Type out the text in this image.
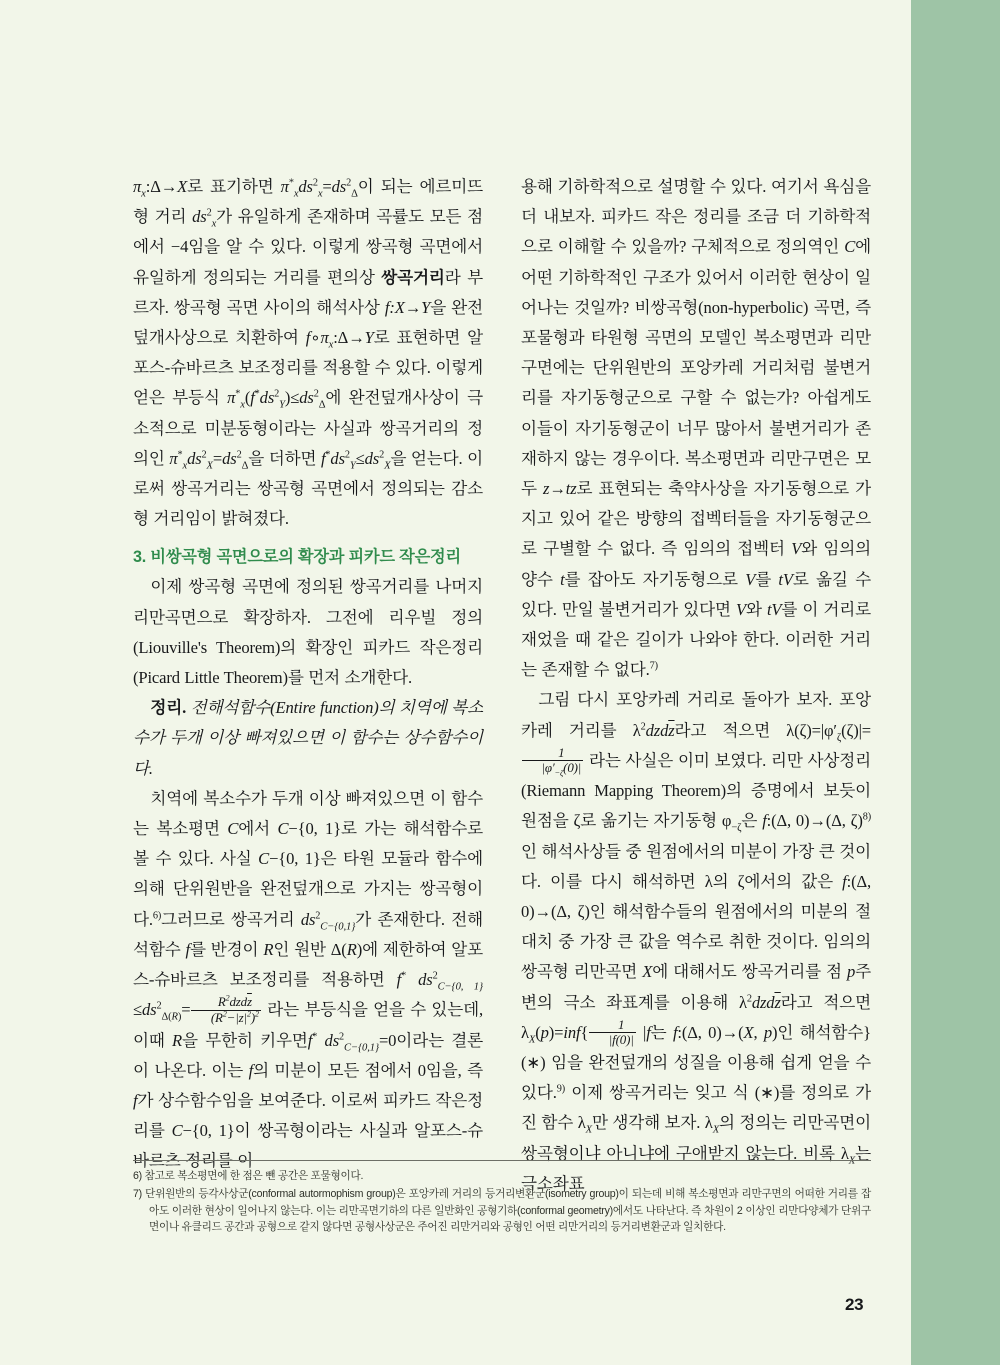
$\pi_x:\Delta\to X$로 표기하면 $\pi^*_xds^2_x=ds^2_\Delta$이 되는 에르미뜨형 거리 $ds^2_x$가 유일하게 존재하며 곡률도 모든 점에서 −4임을 알 수 있다. 이렇게 쌍곡형 곡면에서 유일하게 정의되는 거리를 편의상 쌍곡거리라 부르자. 쌍곡형 곡면 사이의 해석사상 f:X→Y을 완전덮개사상으로 치환하여 $f\circ\pi_x:\Delta\to Y$로 표현하면 알포스-슈바르츠 보조정리를 적용할 수 있다. 이렇게 얻은 부등식 $\pi^*_x(f^*ds^2_Y)\le ds^2_\Delta$에 완전덮개사상이 극소적으로 미분동형이라는 사실과 쌍곡거리의 정의인 $\pi^*_xds^2_X=ds^2_\Delta$을 더하면 $f^*ds^2_Y\le ds^2_X$을 얻는다. 이로써 쌍곡거리는 쌍곡형 곡면에서 정의되는 감소형 거리임이 밝혀졌다.

3. 비쌍곡형 곡면으로의 확장과 피카드 작은정리

이제 쌍곡형 곡면에 정의된 쌍곡거리를 나머지 리만곡면으로 확장하자. 그전에 리우빌 정의(Liouville's Theorem)의 확장인 피카드 작은정리(Picard Little Theorem)를 먼저 소개한다.

정리. 전해석함수(Entire function)의 치역에 복소수가 두개 이상 빠져있으면 이 함수는 상수함수이다.

치역에 복소수가 두개 이상 빠져있으면 이 함수는 복소평면 C에서 C−{0, 1}로 가는 해석함수로 볼 수 있다. 사실 C−{0, 1}은 타원 모듈라 함수에 의해 단위원반을 완전덮개으로 가지는 쌍곡형이다.$^{6)}$그러므로 쌍곡거리 $ds^2_{C-\{0,1\}}$가 존재한다. 전해석함수 f를 반경이 R인 원반 Δ(R)에 제한하여 알포스-슈바르츠 보조정리를 적용하면 f* $ds^2_{C-\{0, 1\}}\le ds^2_{\Delta(R)}= \frac{R^2dzd\overline{z}}{(R^2-|z|^2)^2}$ 라는 부등식을 얻을 수 있는데, 이때 R을 무한히 키우면f* $ds^2_{C-\{0,1\}}=0$이라는 결론이 나온다. 이는 f의 미분이 모든 점에서 0임을, 즉 f가 상수함수임을 보여준다. 이로써 피카드 작은정리를 C−{0, 1}이 쌍곡형이라는 사실과 알포스-슈바르츠 정리를 이

용해 기하학적으로 설명할 수 있다. 여기서 욕심을 더 내보자. 피카드 작은 정리를 조금 더 기하학적으로 이해할 수 있을까? 구체적으로 정의역인 C에 어떤 기하학적인 구조가 있어서 이러한 현상이 일어나는 것일까? 비쌍곡형(non-hyperbolic) 곡면, 즉 포물형과 타원형 곡면의 모델인 복소평면과 리만구면에는 단위원반의 포앙카레 거리처럼 불변거리를 자기동형군으로 구할 수 없는가? 아쉽게도 이들이 자기동형군이 너무 많아서 불변거리가 존재하지 않는 경우이다. 복소평면과 리만구면은 모두 z→tz로 표현되는 축약사상을 자기동형으로 가지고 있어 같은 방향의 접벡터들을 자기동형군으로 구별할 수 없다. 즉 임의의 접벡터 V와 임의의 양수 t를 잡아도 자기동형으로 V를 tV로 옮길 수 있다. 만일 불변거리가 있다면 V와 tV를 이 거리로 재었을 때 같은 길이가 나와야 한다. 이러한 거리는 존재할 수 없다.$^{7)}$

그림 다시 포앙카레 거리로 돌아가 보자. 포앙카레 거리를 $\lambda^2dzd\overline{z}$라고 적으면 $\lambda(\zeta)=|\varphi'_\zeta(\zeta)|=$
$\frac{1}{|\varphi'_{-\zeta}(0)|}$ 라는 사실은 이미 보였다. 리만 사상정리(Riemann Mapping Theorem)의 증명에서 보듯이 원점을 ζ로 옮기는 자기동형 $\varphi_{-\zeta}$은 f:(Δ, 0)→(Δ, ζ)$^{8)}$인 해석사상들 중 원점에서의 미분이 가장 큰 것이다. 이를 다시 해석하면 λ의 ζ에서의 값은 f:(Δ, 0)→(Δ, ζ)인 해석함수들의 원점에서의 미분의 절대치 중 가장 큰 값을 역수로 취한 것이다. 임의의 쌍곡형 리만곡면 X에 대해서도 쌍곡거리를 점 p주변의 극소 좌표계를 이용해 $\lambda^2dzd\overline{z}$라고 적으면 $\lambda_X(p)=inf\{ \frac{1}{|f(0)|} |f$는 f:(Δ, 0)→(X, p)인 해석함수}(∗) 임을 완전덮개의 성질을 이용해 쉽게 얻을 수 있다.$^{9)}$ 이제 쌍곡거리는 잊고 식 (∗)를 정의로 가진 함수 $\lambda_X$만 생각해 보자. $\lambda_X$의 정의는 리만곡면이 쌍곡형이냐 아니냐에 구애받지 않는다. 비록 $\lambda_X$는 극소좌표

6) 참고로 복소평면에 한 점은 뺀 공간은 포물형이다.

7) 단위원반의 등각사상군(conformal autormophism group)은 포앙카레 거리의 등거리변환군(isometry group)이 되는데 비해 복소평면과 리만구면의 어떠한 거리를 잡아도 이러한 현상이 일어나지 않는다. 이는 리만곡면기하의 다른 일반화인 공형기하(conformal geometry)에서도 나타난다. 즉 차원이 2 이상인 리만다양체가 단위구면이나 유클리드 공간과 공형으로 같지 않다면 공형사상군은 주어진 리만거리와 공형인 어떤 리만거리의 등거리변환군과 일치한다.

23
